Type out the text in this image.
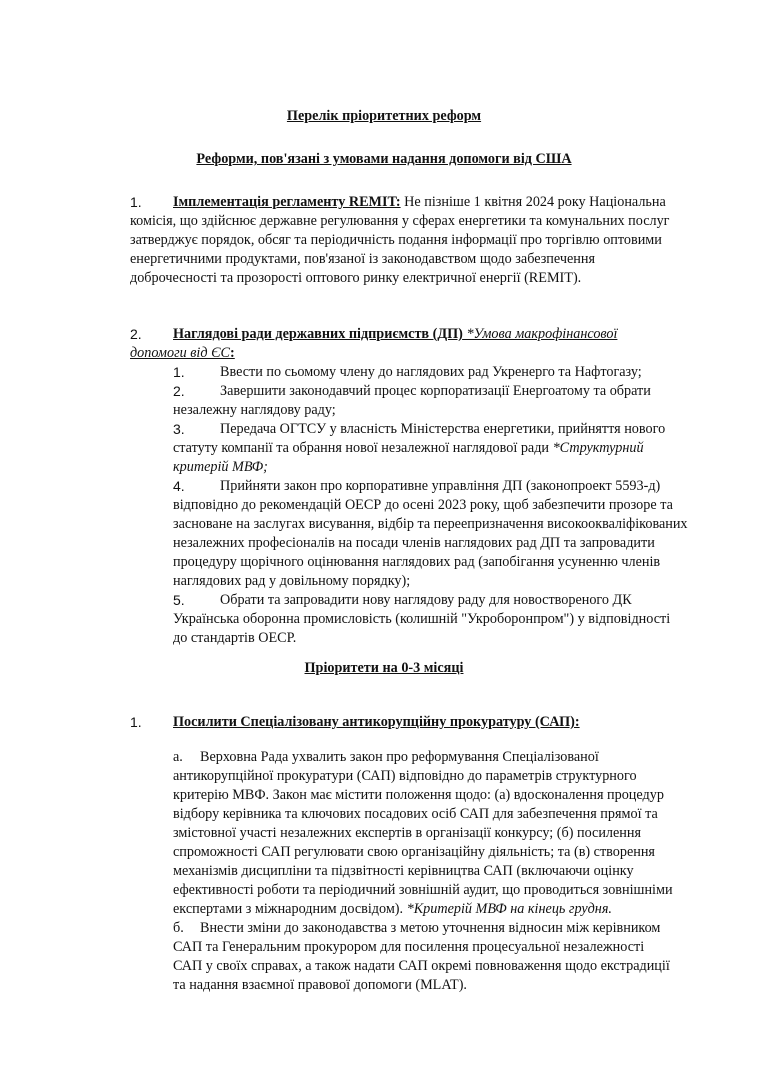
Перелік пріоритетних реформ
Реформи, пов'язані з умовами надання допомоги від США
1. Імплементація регламенту REMIT: Не пізніше 1 квітня 2024 року Національна
комісія, що здійснює державне регулювання у сферах енергетики та комунальних послуг
затверджує порядок, обсяг та періодичність подання інформації про торгівлю оптовими
енергетичними продуктами, пов'язаної із законодавством щодо забезпечення
доброчесності та прозорості оптового ринку електричної енергії (REMIT).
2. Наглядові ради державних підприємств (ДП) *Умова макрофінансової
допомоги від ЄС:
1. Ввести по сьомому члену до наглядових рад Укренерго та Нафтогазу;
2. Завершити законодавчий процес корпоратизації Енергоатому та обрати
незалежну наглядову раду;
3. Передача ОГТСУ у власність Міністерства енергетики, прийняття нового
статуту компанії та обрання нової незалежної наглядової ради *Структурний
критерій МВФ;
4. Прийняти закон про корпоративне управління ДП (законопроект 5593-д)
відповідно до рекомендацій ОЕСР до осені 2023 року, щоб забезпечити прозоре та
засноване на заслугах висування, відбір та переепризначення високоокваліфікованих
незалежних професіоналів на посади членів наглядових рад ДП та запровадити
процедуру щорічного оцінювання наглядових рад (запобігання усуненню членів
наглядових рад у довільному порядку);
5. Обрати та запровадити нову наглядову раду для новоствореного ДК
Українська оборонна промисловість (колишній "Укроборонпром") у відповідності
до стандартів ОЕСР.
Пріоритети на 0-3 місяці
1. Посилити Спеціалізовану антикорупційну прокуратуру (САП):
а. Верховна Рада ухвалить закон про реформування Спеціалізованої
антикорупційної прокуратури (САП) відповідно до параметрів структурного
критерію МВФ. Закон має містити положення щодо: (а) вдосконалення процедур
відбору керівника та ключових посадових осіб САП для забезпечення прямої та
змістовної участі незалежних експертів в організації конкурсу; (б) посилення
спроможності САП регулювати свою організаційну діяльність; та (в) створення
механізмів дисципліни та підзвітності керівництва САП (включаючи оцінку
ефективності роботи та періодичний зовнішній аудит, що проводиться зовнішніми
експертами з міжнародним досвідом). *Критерій МВФ на кінець грудня.
б. Внести зміни до законодавства з метою уточнення відносин між керівником
САП та Генеральним прокурором для посилення процесуальної незалежності
САП у своїх справах, а також надати САП окремі повноваження щодо екстрадиції
та надання взаємної правової допомоги (MLAT).
